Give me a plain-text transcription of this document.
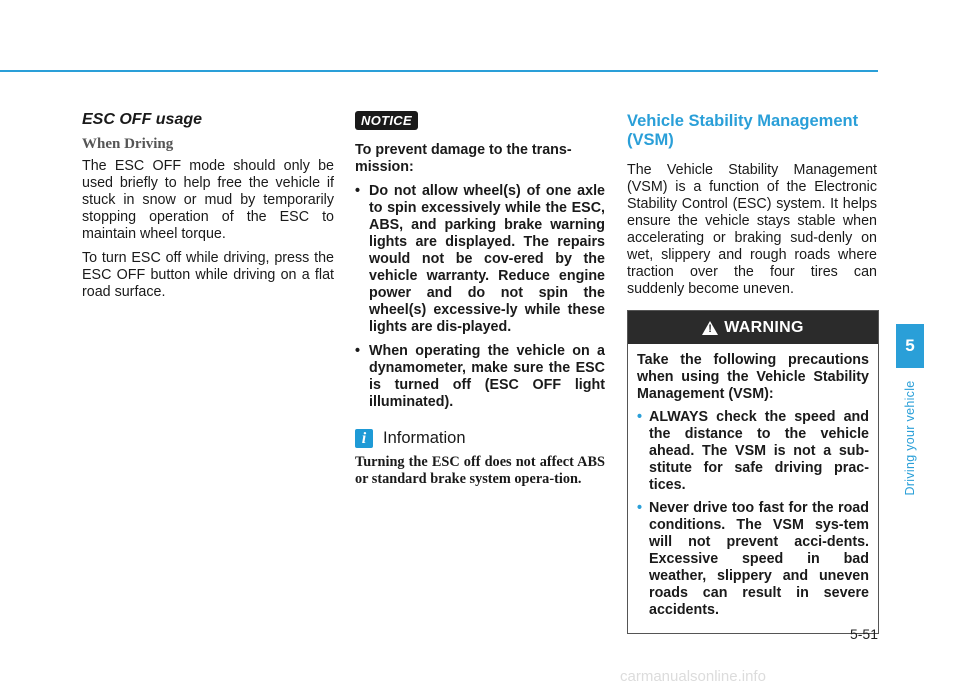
ESC OFF usage
When Driving

The ESC OFF mode should only be used briefly to help free the vehicle if stuck in snow or mud by temporarily stopping operation of the ESC to maintain wheel torque.

To turn ESC off while driving, press the ESC OFF button while driving on a flat road surface.

NOTICE

To prevent damage to the trans-mission:

• Do not allow wheel(s) of one axle to spin excessively while the ESC, ABS, and parking brake warning lights are displayed. The repairs would not be cov-ered by the vehicle warranty. Reduce engine power and do not spin the wheel(s) excessive-ly while these lights are dis-played.
• When operating the vehicle on a dynamometer, make sure the ESC is turned off (ESC OFF light illuminated).
i	Information

Turning the ESC off does not affect ABS or standard brake system opera-tion.

Vehicle Stability Management (VSM)

The Vehicle Stability Management (VSM) is a function of the Electronic Stability Control (ESC) system. It helps ensure the vehicle stays stable when accelerating or braking sud-denly on wet, slippery and rough roads where traction over the four tires can suddenly become uneven.

! WARNING

Take the following precautions when using the Vehicle Stability Management (VSM):

• ALWAYS check the speed and the distance to the vehicle ahead. The VSM is not a sub-stitute for safe driving prac-tices.
• Never drive too fast for the road conditions. The VSM sys-tem will not prevent acci-dents. Excessive speed in bad weather, slippery and uneven roads can result in severe accidents.
5
Driving your vehicle
5-51
carmanualsonline.info
